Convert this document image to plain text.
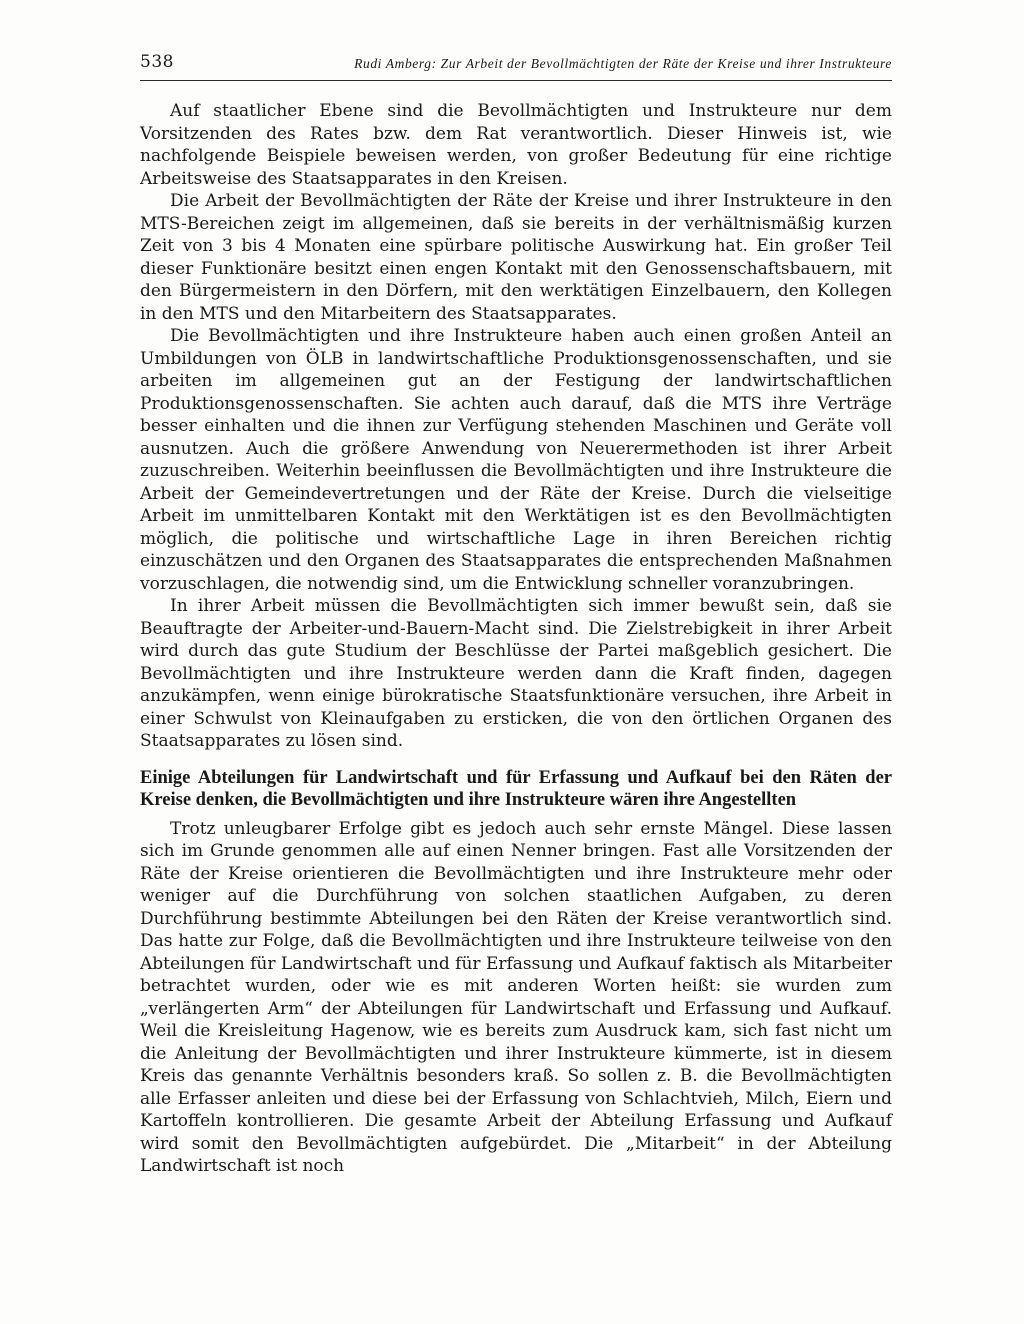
538	Rudi Amberg: Zur Arbeit der Bevollmächtigten der Räte der Kreise und ihrer Instrukteure

Auf staatlicher Ebene sind die Bevollmächtigten und Instrukteure nur dem Vorsitzenden des Rates bzw. dem Rat verantwortlich. Dieser Hinweis ist, wie nachfolgende Beispiele beweisen werden, von großer Bedeutung für eine richtige Arbeitsweise des Staatsapparates in den Kreisen.

Die Arbeit der Bevollmächtigten der Räte der Kreise und ihrer Instrukteure in den MTS-Bereichen zeigt im allgemeinen, daß sie bereits in der verhältnismäßig kurzen Zeit von 3 bis 4 Monaten eine spürbare politische Auswirkung hat. Ein großer Teil dieser Funktionäre besitzt einen engen Kontakt mit den Genossenschaftsbauern, mit den Bürgermeistern in den Dörfern, mit den werktätigen Einzelbauern, den Kollegen in den MTS und den Mitarbeitern des Staatsapparates.

Die Bevollmächtigten und ihre Instrukteure haben auch einen großen Anteil an Umbildungen von ÖLB in landwirtschaftliche Produktionsgenossenschaften, und sie arbeiten im allgemeinen gut an der Festigung der landwirtschaftlichen Produktionsgenossenschaften. Sie achten auch darauf, daß die MTS ihre Verträge besser einhalten und die ihnen zur Verfügung stehenden Maschinen und Geräte voll ausnutzen. Auch die größere Anwendung von Neuerermethoden ist ihrer Arbeit zuzuschreiben. Weiterhin beeinflussen die Bevollmächtigten und ihre Instrukteure die Arbeit der Gemeindevertretungen und der Räte der Kreise. Durch die vielseitige Arbeit im unmittelbaren Kontakt mit den Werktätigen ist es den Bevollmächtigten möglich, die politische und wirtschaftliche Lage in ihren Bereichen richtig einzuschätzen und den Organen des Staatsapparates die entsprechenden Maßnahmen vorzuschlagen, die notwendig sind, um die Entwicklung schneller voranzubringen.

In ihrer Arbeit müssen die Bevollmächtigten sich immer bewußt sein, daß sie Beauftragte der Arbeiter-und-Bauern-Macht sind. Die Zielstrebigkeit in ihrer Arbeit wird durch das gute Studium der Beschlüsse der Partei maßgeblich gesichert. Die Bevollmächtigten und ihre Instrukteure werden dann die Kraft finden, dagegen anzukämpfen, wenn einige bürokratische Staatsfunktionäre versuchen, ihre Arbeit in einer Schwulst von Kleinaufgaben zu ersticken, die von den örtlichen Organen des Staatsapparates zu lösen sind.

Einige Abteilungen für Landwirtschaft und für Erfassung und Aufkauf bei den Räten der Kreise denken, die Bevollmächtigten und ihre Instrukteure wären ihre Angestellten

Trotz unleugbarer Erfolge gibt es jedoch auch sehr ernste Mängel. Diese lassen sich im Grunde genommen alle auf einen Nenner bringen. Fast alle Vorsitzenden der Räte der Kreise orientieren die Bevollmächtigten und ihre Instrukteure mehr oder weniger auf die Durchführung von solchen staatlichen Aufgaben, zu deren Durchführung bestimmte Abteilungen bei den Räten der Kreise verantwortlich sind. Das hatte zur Folge, daß die Bevollmächtigten und ihre Instrukteure teilweise von den Abteilungen für Landwirtschaft und für Erfassung und Aufkauf faktisch als Mitarbeiter betrachtet wurden, oder wie es mit anderen Worten heißt: sie wurden zum „verlängerten Arm“ der Abteilungen für Landwirtschaft und Erfassung und Aufkauf. Weil die Kreisleitung Hagenow, wie es bereits zum Ausdruck kam, sich fast nicht um die Anleitung der Bevollmächtigten und ihrer Instrukteure kümmerte, ist in diesem Kreis das genannte Verhältnis besonders kraß. So sollen z. B. die Bevollmächtigten alle Erfasser anleiten und diese bei der Erfassung von Schlachtvieh, Milch, Eiern und Kartoffeln kontrollieren. Die gesamte Arbeit der Abteilung Erfassung und Aufkauf wird somit den Bevollmächtigten aufgebürdet. Die „Mitarbeit“ in der Abteilung Landwirtschaft ist noch
